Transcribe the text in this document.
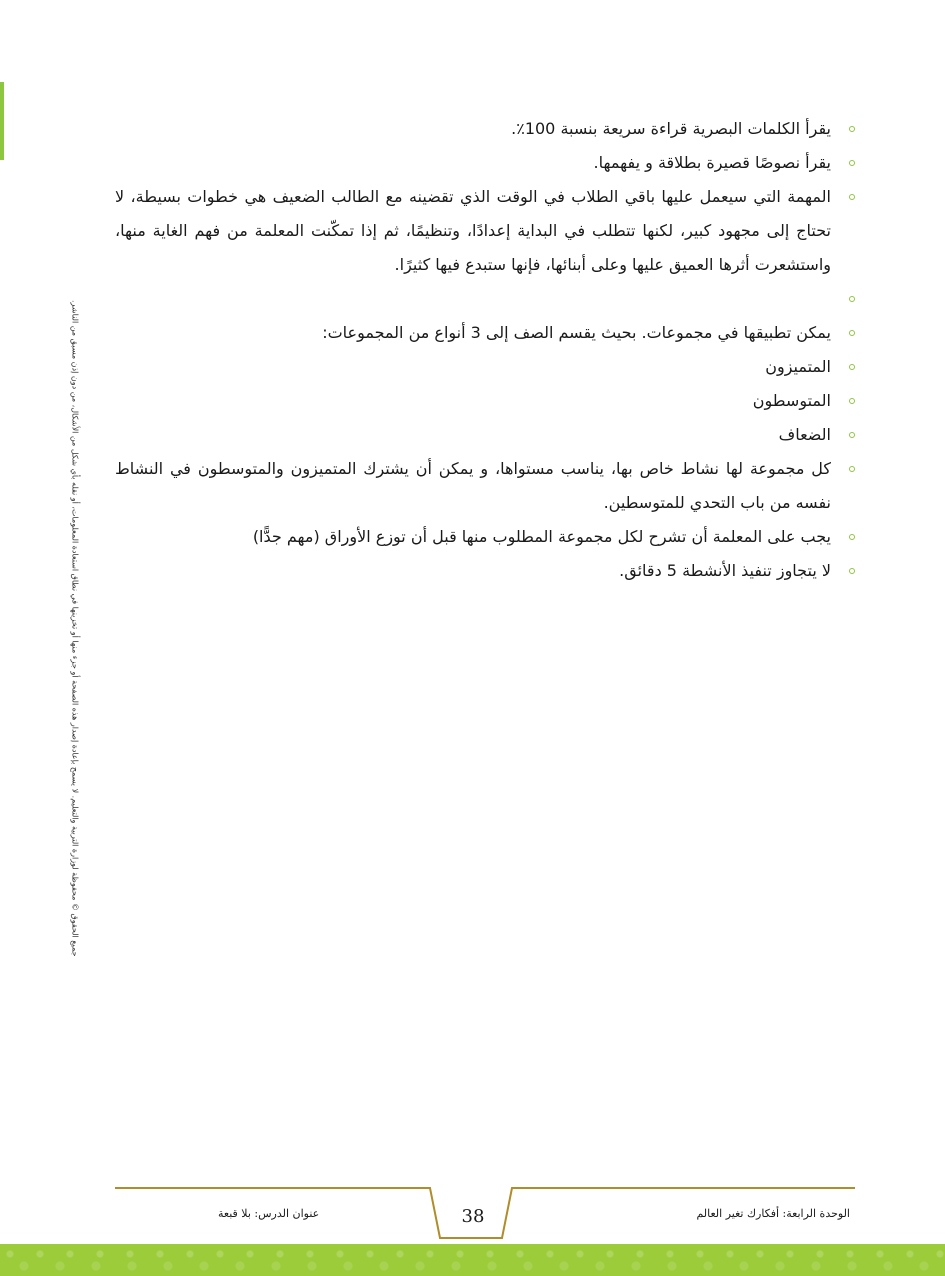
جميع الحقوق © محفوظة لوزارة التربية والتعليم. لا يسمح بإعادة إصدار هذه الصفحة أو جزء منها أو تخزينها في نطاق استعادة المعلومات، أو نقله بأي شكل من الأشكال، من دون إذن مسبق من الناشر.
يقرأ الكلمات البصرية قراءة سريعة بنسبة 100٪.
يقرأ نصوصًا قصيرة بطلاقة و يفهمها.
المهمة التي سيعمل عليها باقي الطلاب في الوقت الذي تقضينه مع الطالب الضعيف هي خطوات بسيطة، لا تحتاج إلى مجهود كبير، لكنها تتطلب في البداية إعدادًا، وتنظيمًا، ثم إذا تمكّنت المعلمة من فهم الغاية منها، واستشعرت أثرها العميق عليها وعلى أبنائها، فإنها ستبدع فيها كثيرًا.
يمكن تطبيقها في مجموعات. بحيث يقسم الصف إلى 3 أنواع من المجموعات:
المتميزون
المتوسطون
الضعاف
كل مجموعة لها نشاط خاص بها، يناسب مستواها، و يمكن أن يشترك المتميزون والمتوسطون في النشاط نفسه من باب التحدي للمتوسطين.
يجب على المعلمة أن تشرح لكل مجموعة المطلوب منها قبل أن توزع الأوراق (مهم جدًّا)
لا يتجاوز تنفيذ الأنشطة 5 دقائق.
عنوان الدرس: بلا قبعة	38	الوحدة الرابعة: أفكارك تغير العالم
